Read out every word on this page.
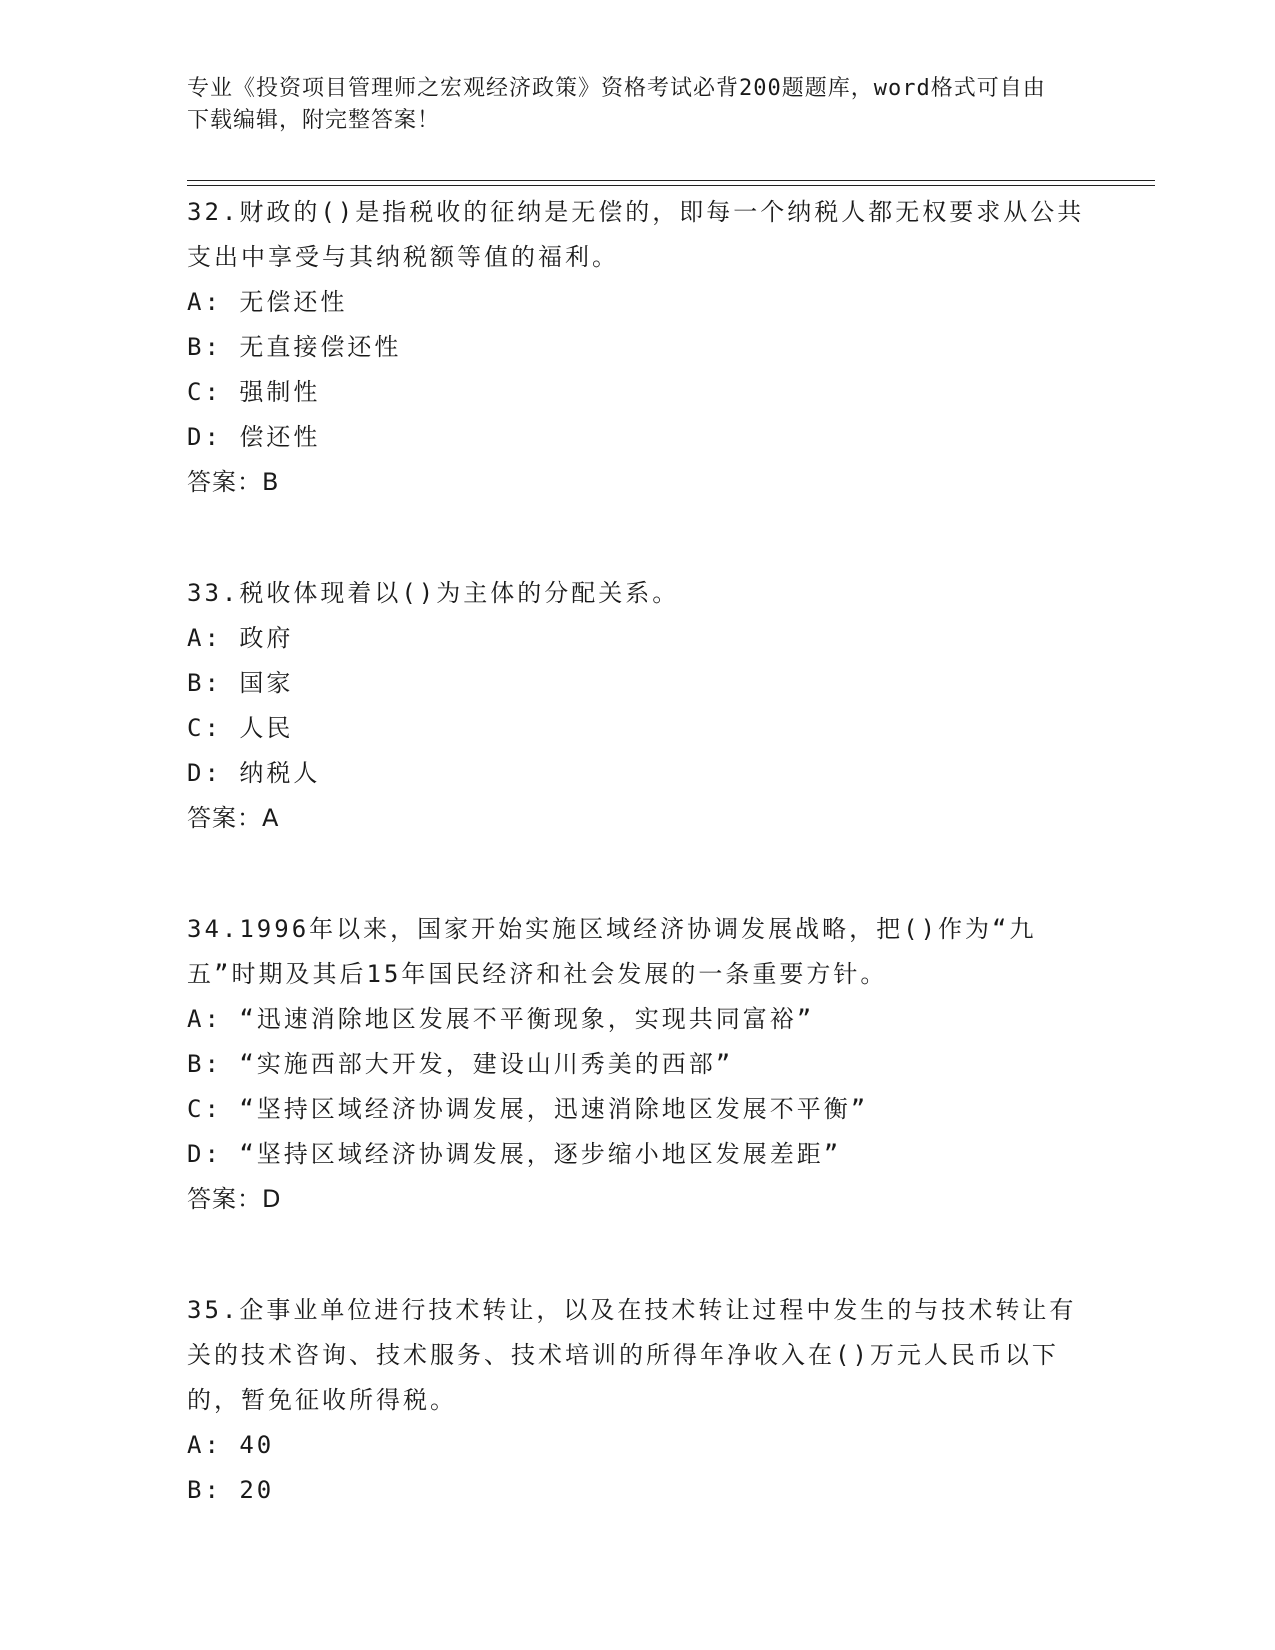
专业《投资项目管理师之宏观经济政策》资格考试必背200题题库，word格式可自由下载编辑，附完整答案！

32.财政的()是指税收的征纳是无偿的，即每一个纳税人都无权要求从公共支出中享受与其纳税额等值的福利。

A: 无偿还性

B: 无直接偿还性

C: 强制性

D: 偿还性

答案：B

33.税收体现着以()为主体的分配关系。

A: 政府

B: 国家

C: 人民

D: 纳税人

答案：A

34.1996年以来，国家开始实施区域经济协调发展战略，把()作为“九五”时期及其后15年国民经济和社会发展的一条重要方针。

A: “迅速消除地区发展不平衡现象，实现共同富裕”

B: “实施西部大开发，建设山川秀美的西部”

C: “坚持区域经济协调发展，迅速消除地区发展不平衡”

D: “坚持区域经济协调发展，逐步缩小地区发展差距”

答案：D

35.企事业单位进行技术转让，以及在技术转让过程中发生的与技术转让有关的技术咨询、技术服务、技术培训的所得年净收入在()万元人民币以下的，暂免征收所得税。

A: 40

B: 20
